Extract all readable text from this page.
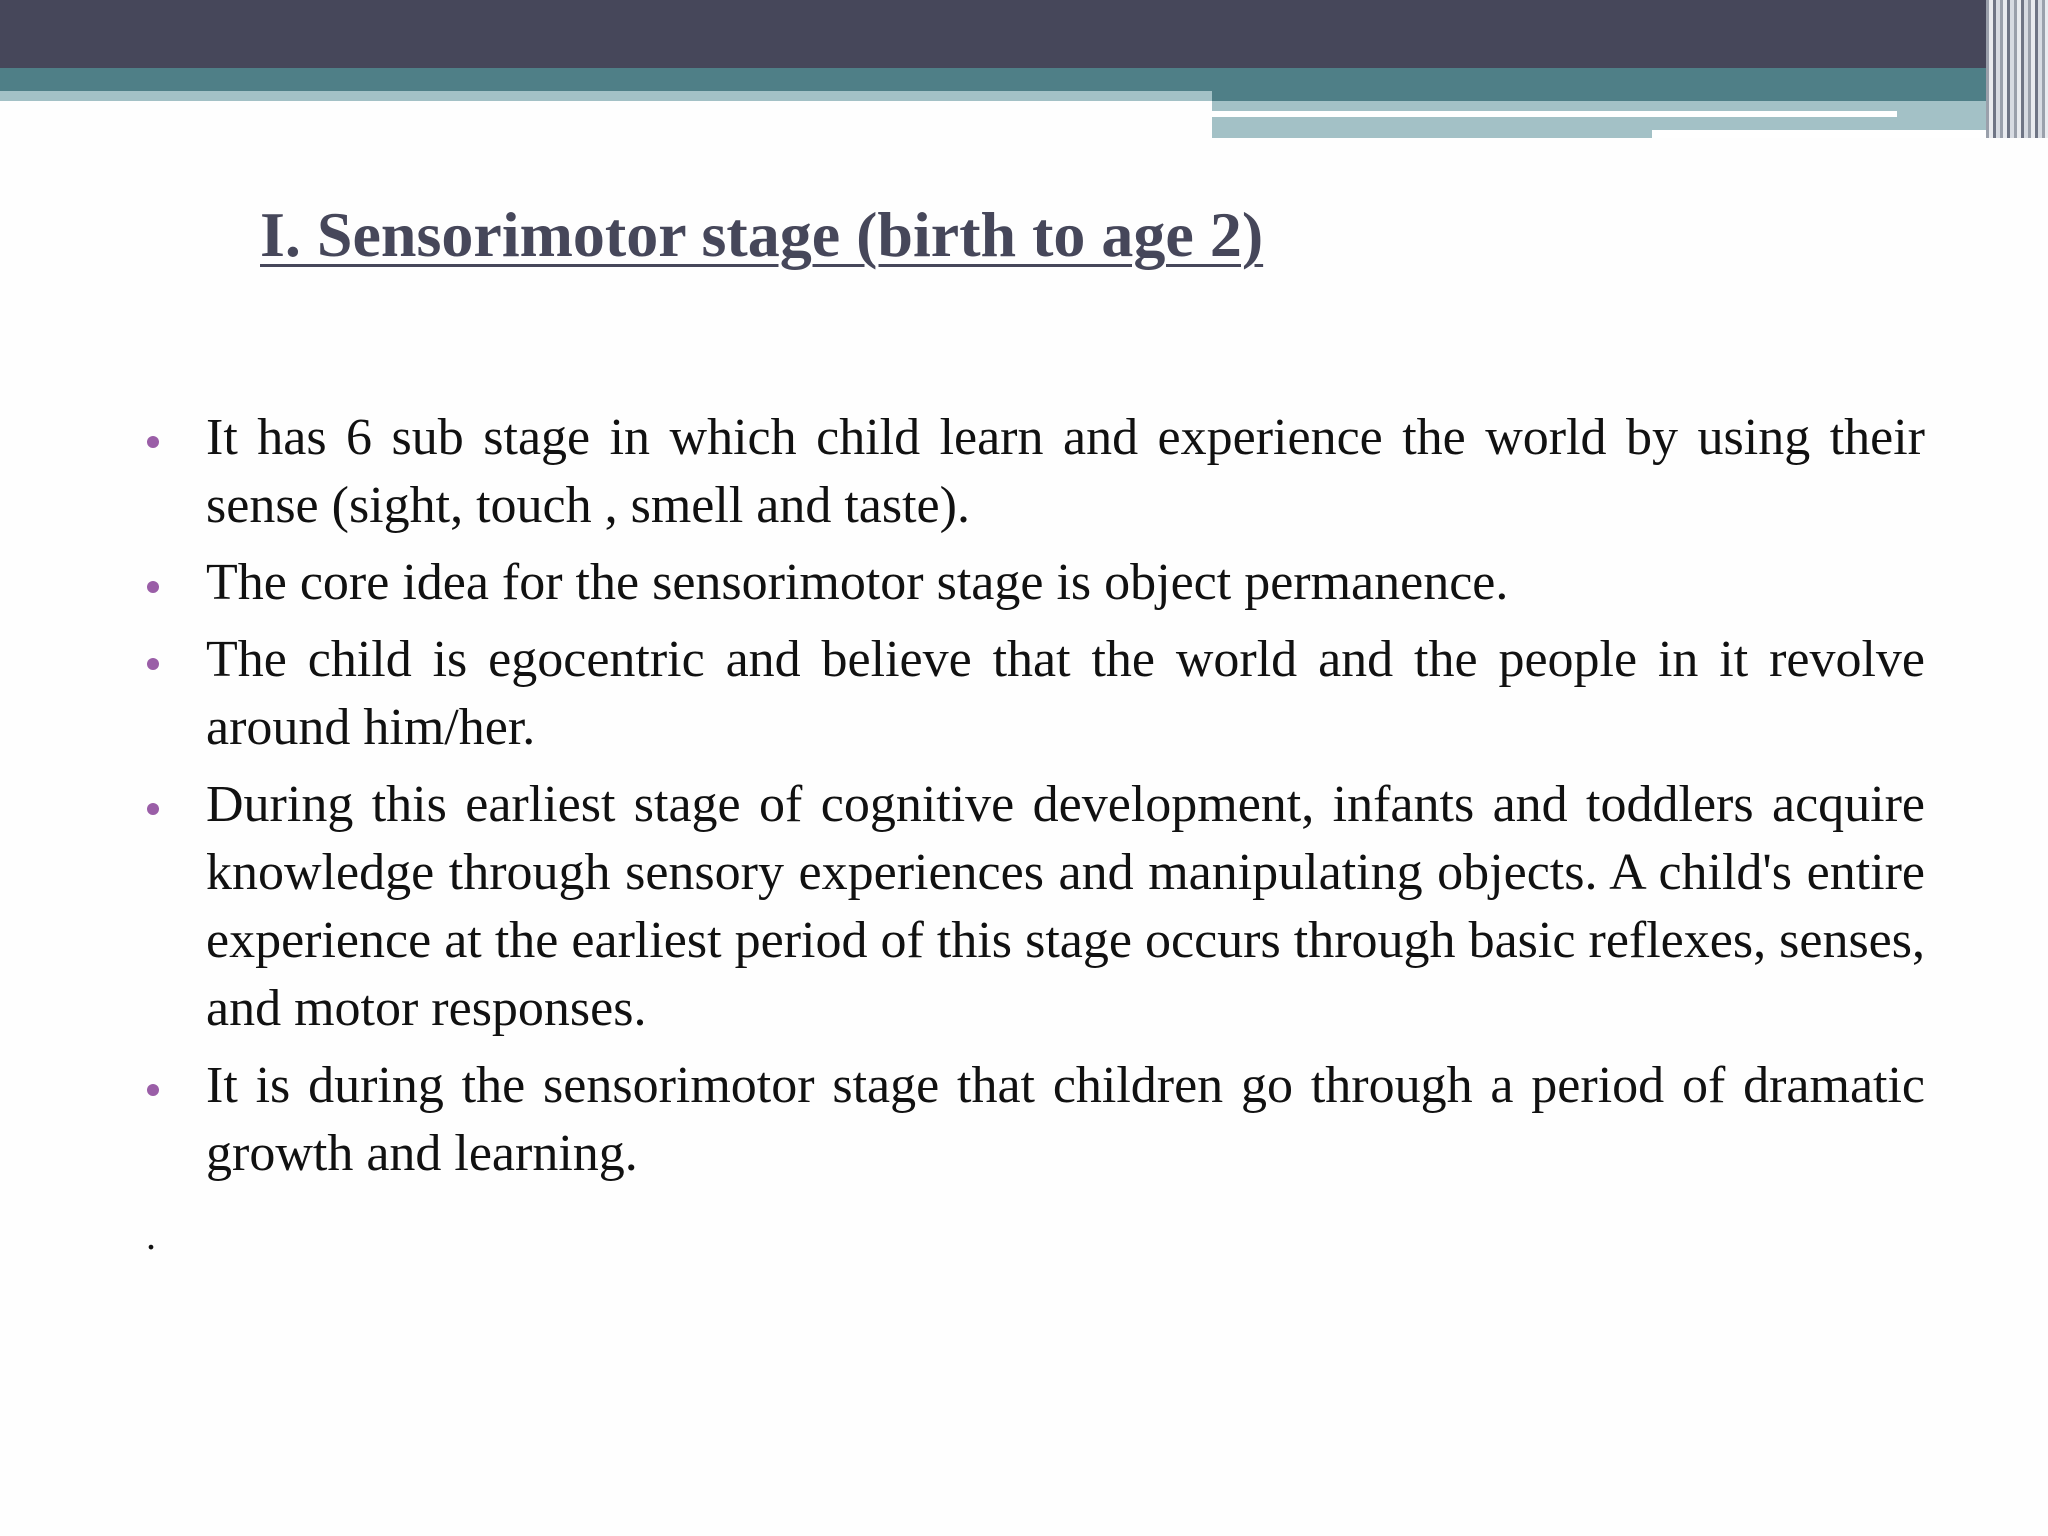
I. Sensorimotor stage (birth to age 2)
It has 6 sub stage in which child learn and experience the world by using their sense (sight, touch , smell and taste).
The core idea for the sensorimotor stage is object permanence.
The child is egocentric and believe that the world and the people in it revolve around him/her.
During this earliest stage of cognitive development, infants and toddlers acquire knowledge through sensory experiences and manipulating objects. A child's entire experience at the earliest period of this stage occurs through basic reflexes, senses, and motor responses.
It is during the sensorimotor stage that children go through a period of dramatic growth and learning.
.
